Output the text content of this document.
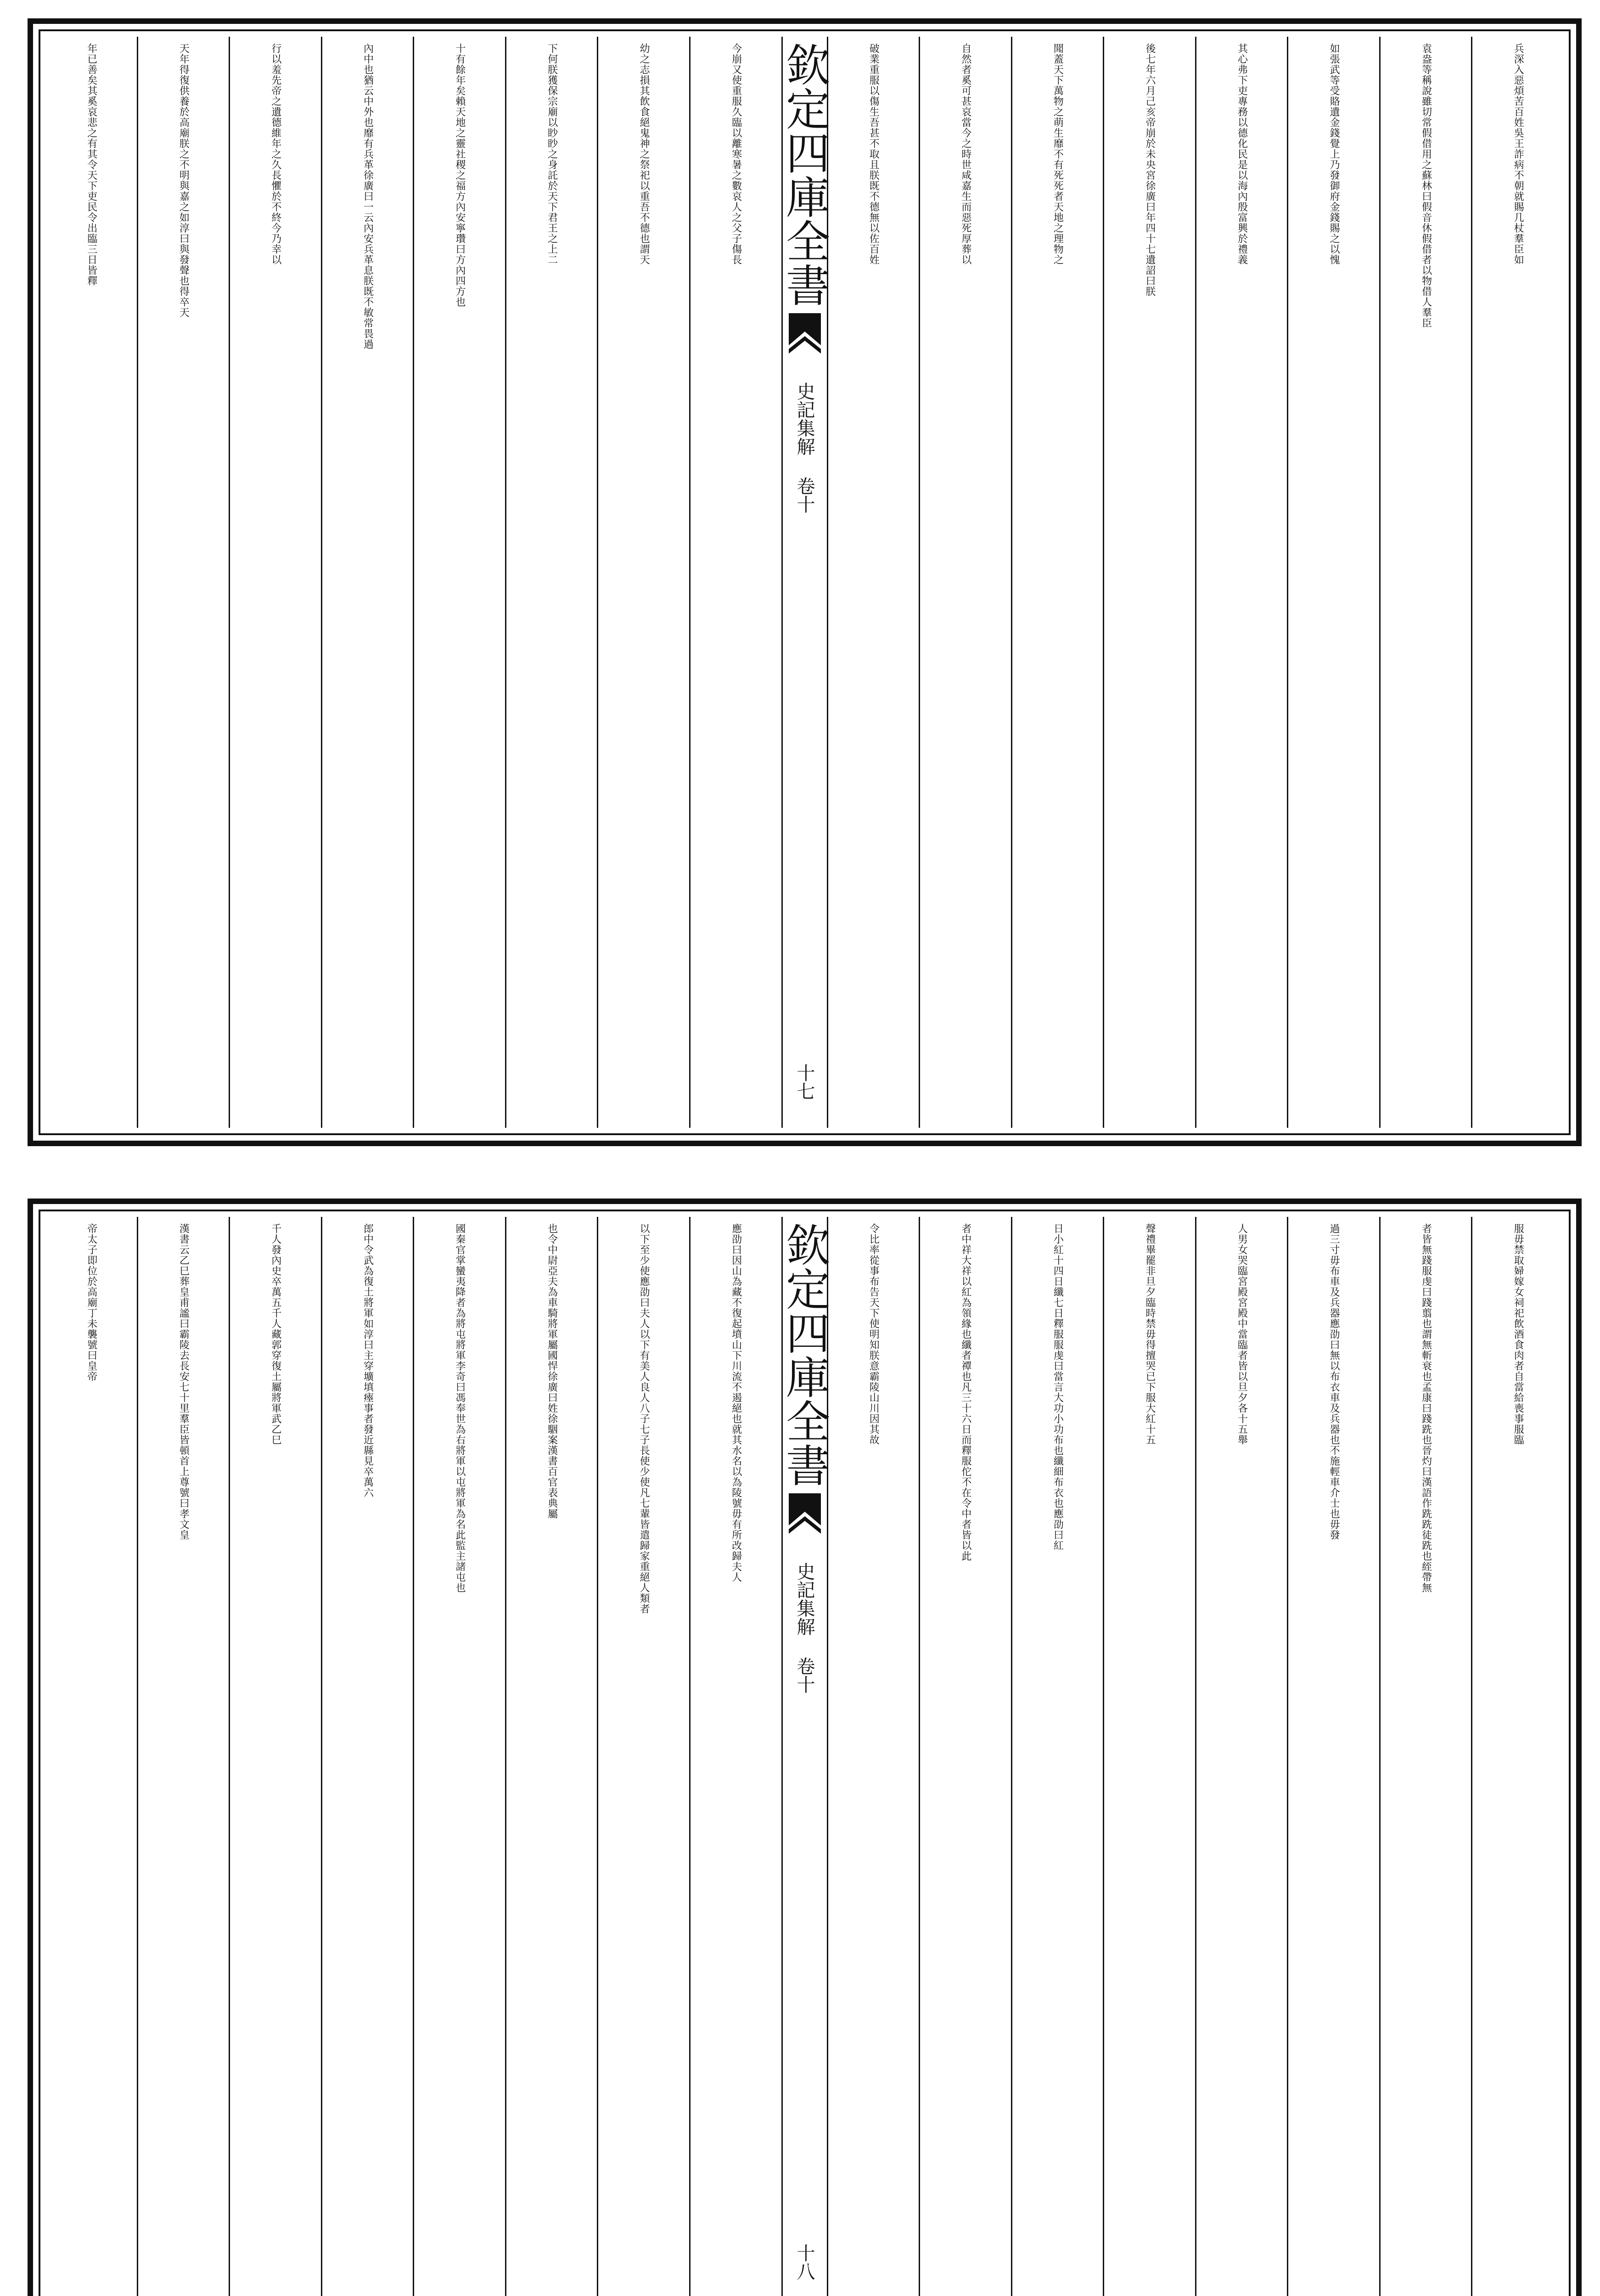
兵深入惡煩苦百姓吳王詐病不朝就賜几杖羣臣如
袁盎等稱說雖切常假借用之蘇林曰假音休假借者以物借人羣臣
如張武等受賂遺金錢覺上乃發御府金錢賜之以愧
其心弗下吏專務以德化民是以海內殷富興於禮義
後七年六月己亥帝崩於未央宮徐廣曰年四十七遺詔曰朕
聞蓋天下萬物之萌生靡不有死死者天地之理物之
自然者奚可甚哀當今之時世咸嘉生而惡死厚葬以
破業重服以傷生吾甚不取且朕既不德無以佐百姓
欽定四庫全書
史記集解 卷十
十七
今崩又使重服久臨以離寒暑之數哀人之父子傷長
幼之志損其飲食絕鬼神之祭祀以重吾不德也謂天
下何朕獲保宗廟以眇眇之身託於天下君王之上二
十有餘年矣賴天地之靈社稷之福方內安寧瓚曰方內四方也
內中也猶云中外也靡有兵革徐廣曰一云內安兵革息朕既不敏常畏過
行以羞先帝之遺德維年之久長懼於不終今乃幸以
天年得復供養於高廟朕之不明與嘉之如淳曰與發聲也得卒天
年已善矣其奚哀悲之有其令天下吏民令出臨三日皆釋
服毋禁取婦嫁女祠祀飲酒食肉者自當給喪事服臨
者皆無踐服虔曰踐翦也謂無斬衰也孟康曰踐跣也晉灼曰漢語作跣跣徒跣也絰帶無
過三寸毋布車及兵器應劭曰無以布衣車及兵器也不施輕車介士也毋發
人男女哭臨宮殿宮殿中當臨者皆以旦夕各十五舉
聲禮畢罷非旦夕臨時禁毋得擅哭已下服大紅十五
日小紅十四日纖七日釋服服虔曰當言大功小功布也纖細布衣也應劭曰紅
者中祥大祥以紅為領緣也纖者禫也凡三十六日而釋服佗不在令中者皆以此
令比率從事布告天下使明知朕意霸陵山川因其故
欽定四庫全書
史記集解 卷十
十八
應劭曰因山為藏不復起墳山下川流不遏絕也就其水名以為陵號毋有所改歸夫人
以下至少使應劭曰夫人以下有美人良人八子七子長使少使凡七輩皆遣歸家重絕人類者
也令中尉亞夫為車騎將軍屬國悍徐廣曰姓徐駰案漢書百官表典屬
國秦官掌蠻夷降者為將屯將軍李奇曰馮奉世為右將軍以屯將軍為名此監主諸屯也
郎中令武為復土將軍如淳曰主穿壙填瘞事者發近縣見卒萬六
千人發內史卒萬五千人藏郭穿復土屬將軍武乙巳
漢書云乙巳葬皇甫謐曰霸陵去長安七十里羣臣皆頓首上尊號曰孝文皇
帝太子即位於高廟丁未襲號曰皇帝
